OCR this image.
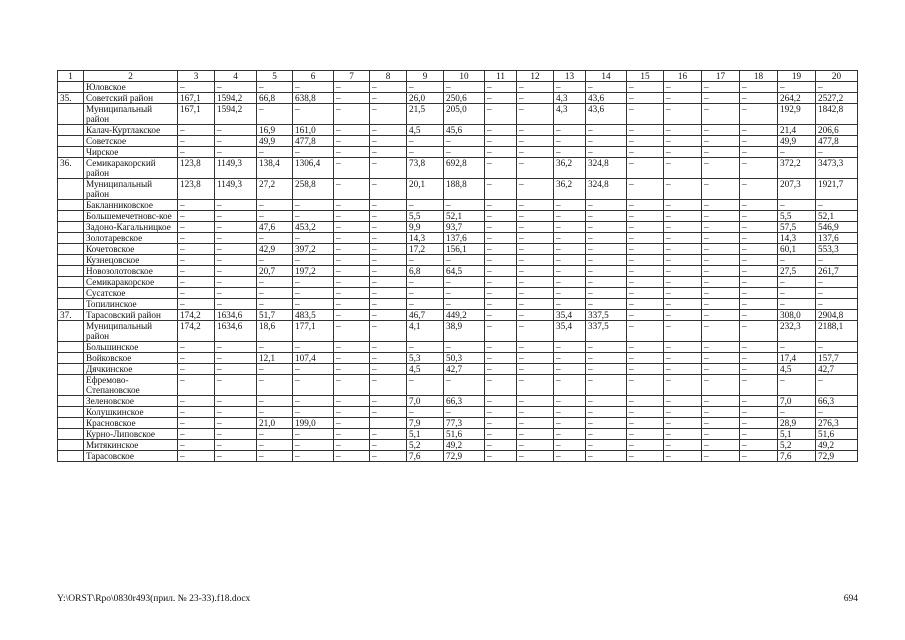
1	2	3	4	5	6	7	8	9	10	11	12	13	14	15	16	17	18	19	20
	Юловское	–	–	–	–	–	–	–	–	–	–	–	–	–	–	–	–	–	–
35.	Советский район	167,1	1594,2	66,8	638,8	–	–	26,0	250,6	–	–	4,3	43,6	–	–	–	–	264,2	2527,2
	Муниципальный район	167,1	1594,2	–	–	–	–	21,5	205,0	–	–	4,3	43,6	–	–	–	–	192,9	1842,8
	Калач-Куртлакское	–	–	16,9	161,0	–	–	4,5	45,6	–	–	–	–	–	–	–	–	21,4	206,6
	Советское	–	–	49,9	477,8	–	–	–	–	–	–	–	–	–	–	–	–	49,9	477,8
	Чирское	–	–	–	–	–	–	–	–	–	–	–	–	–	–	–	–	–	–
36.	Семикаракорский район	123,8	1149,3	138,4	1306,4	–	–	73,8	692,8	–	–	36,2	324,8	–	–	–	–	372,2	3473,3
	Муниципальный район	123,8	1149,3	27,2	258,8	–	–	20,1	188,8	–	–	36,2	324,8	–	–	–	–	207,3	1921,7
	Бакланниковское	–	–	–	–	–	–	–	–	–	–	–	–	–	–	–	–	–	–
	Большемечетновс-кое	–	–	–	–	–	–	5,5	52,1	–	–	–	–	–	–	–	–	5,5	52,1
	Задоно-Кагальницкое	–	–	47,6	453,2	–	–	9,9	93,7	–	–	–	–	–	–	–	–	57,5	546,9
	Золотаревское	–	–	–	–	–	–	14,3	137,6	–	–	–	–	–	–	–	–	14,3	137,6
	Кочетовское	–	–	42,9	397,2	–	–	17,2	156,1	–	–	–	–	–	–	–	–	60,1	553,3
	Кузнецовское	–	–	–	–	–	–	–	–	–	–	–	–	–	–	–	–	–	–
	Новозолотовское	–	–	20,7	197,2	–	–	6,8	64,5	–	–	–	–	–	–	–	–	27,5	261,7
	Семикаракорское	–	–	–	–	–	–	–	–	–	–	–	–	–	–	–	–	–	–
	Сусатское	–	–	–	–	–	–	–	–	–	–	–	–	–	–	–	–	–	–
	Топилинское	–	–	–	–	–	–	–	–	–	–	–	–	–	–	–	–	–	–
37.	Тарасовский район	174,2	1634,6	51,7	483,5	–	–	46,7	449,2	–	–	35,4	337,5	–	–	–	–	308,0	2904,8
	Муниципальный район	174,2	1634,6	18,6	177,1	–	–	4,1	38,9	–	–	35,4	337,5	–	–	–	–	232,3	2188,1
	Большинское	–	–	–	–	–	–	–	–	–	–	–	–	–	–	–	–	–	–
	Войковское	–	–	12,1	107,4	–	–	5,3	50,3	–	–	–	–	–	–	–	–	17,4	157,7
	Дячкинское	–	–	–	–	–	–	4,5	42,7	–	–	–	–	–	–	–	–	4,5	42,7
	Ефремово-Степановское	–	–	–	–	–	–	–	–	–	–	–	–	–	–	–	–	–	–
	Зеленовское	–	–	–	–	–	–	7,0	66,3	–	–	–	–	–	–	–	–	7,0	66,3
	Колушкинское	–	–	–	–	–	–	–	–	–	–	–	–	–	–	–	–	–	–
	Красновское	–	–	21,0	199,0	–		7,9	77,3	–	–	–	–	–	–	–	–	28,9	276,3
	Курно-Липовское	–	–	–	–	–	–	5,1	51,6	–	–	–	–	–	–	–	–	5,1	51,6
	Митякинское	–	–	–	–	–	–	5,2	49,2	–	–	–	–	–	–	–	–	5,2	49,2
	Тарасовское	–	–	–	–	–	–	7,6	72,9	–	–	–	–	–	–	–	–	7,6	72,9
Y:\ORST\Rpo\0830r493(прил. № 23-33).f18.docx	694
